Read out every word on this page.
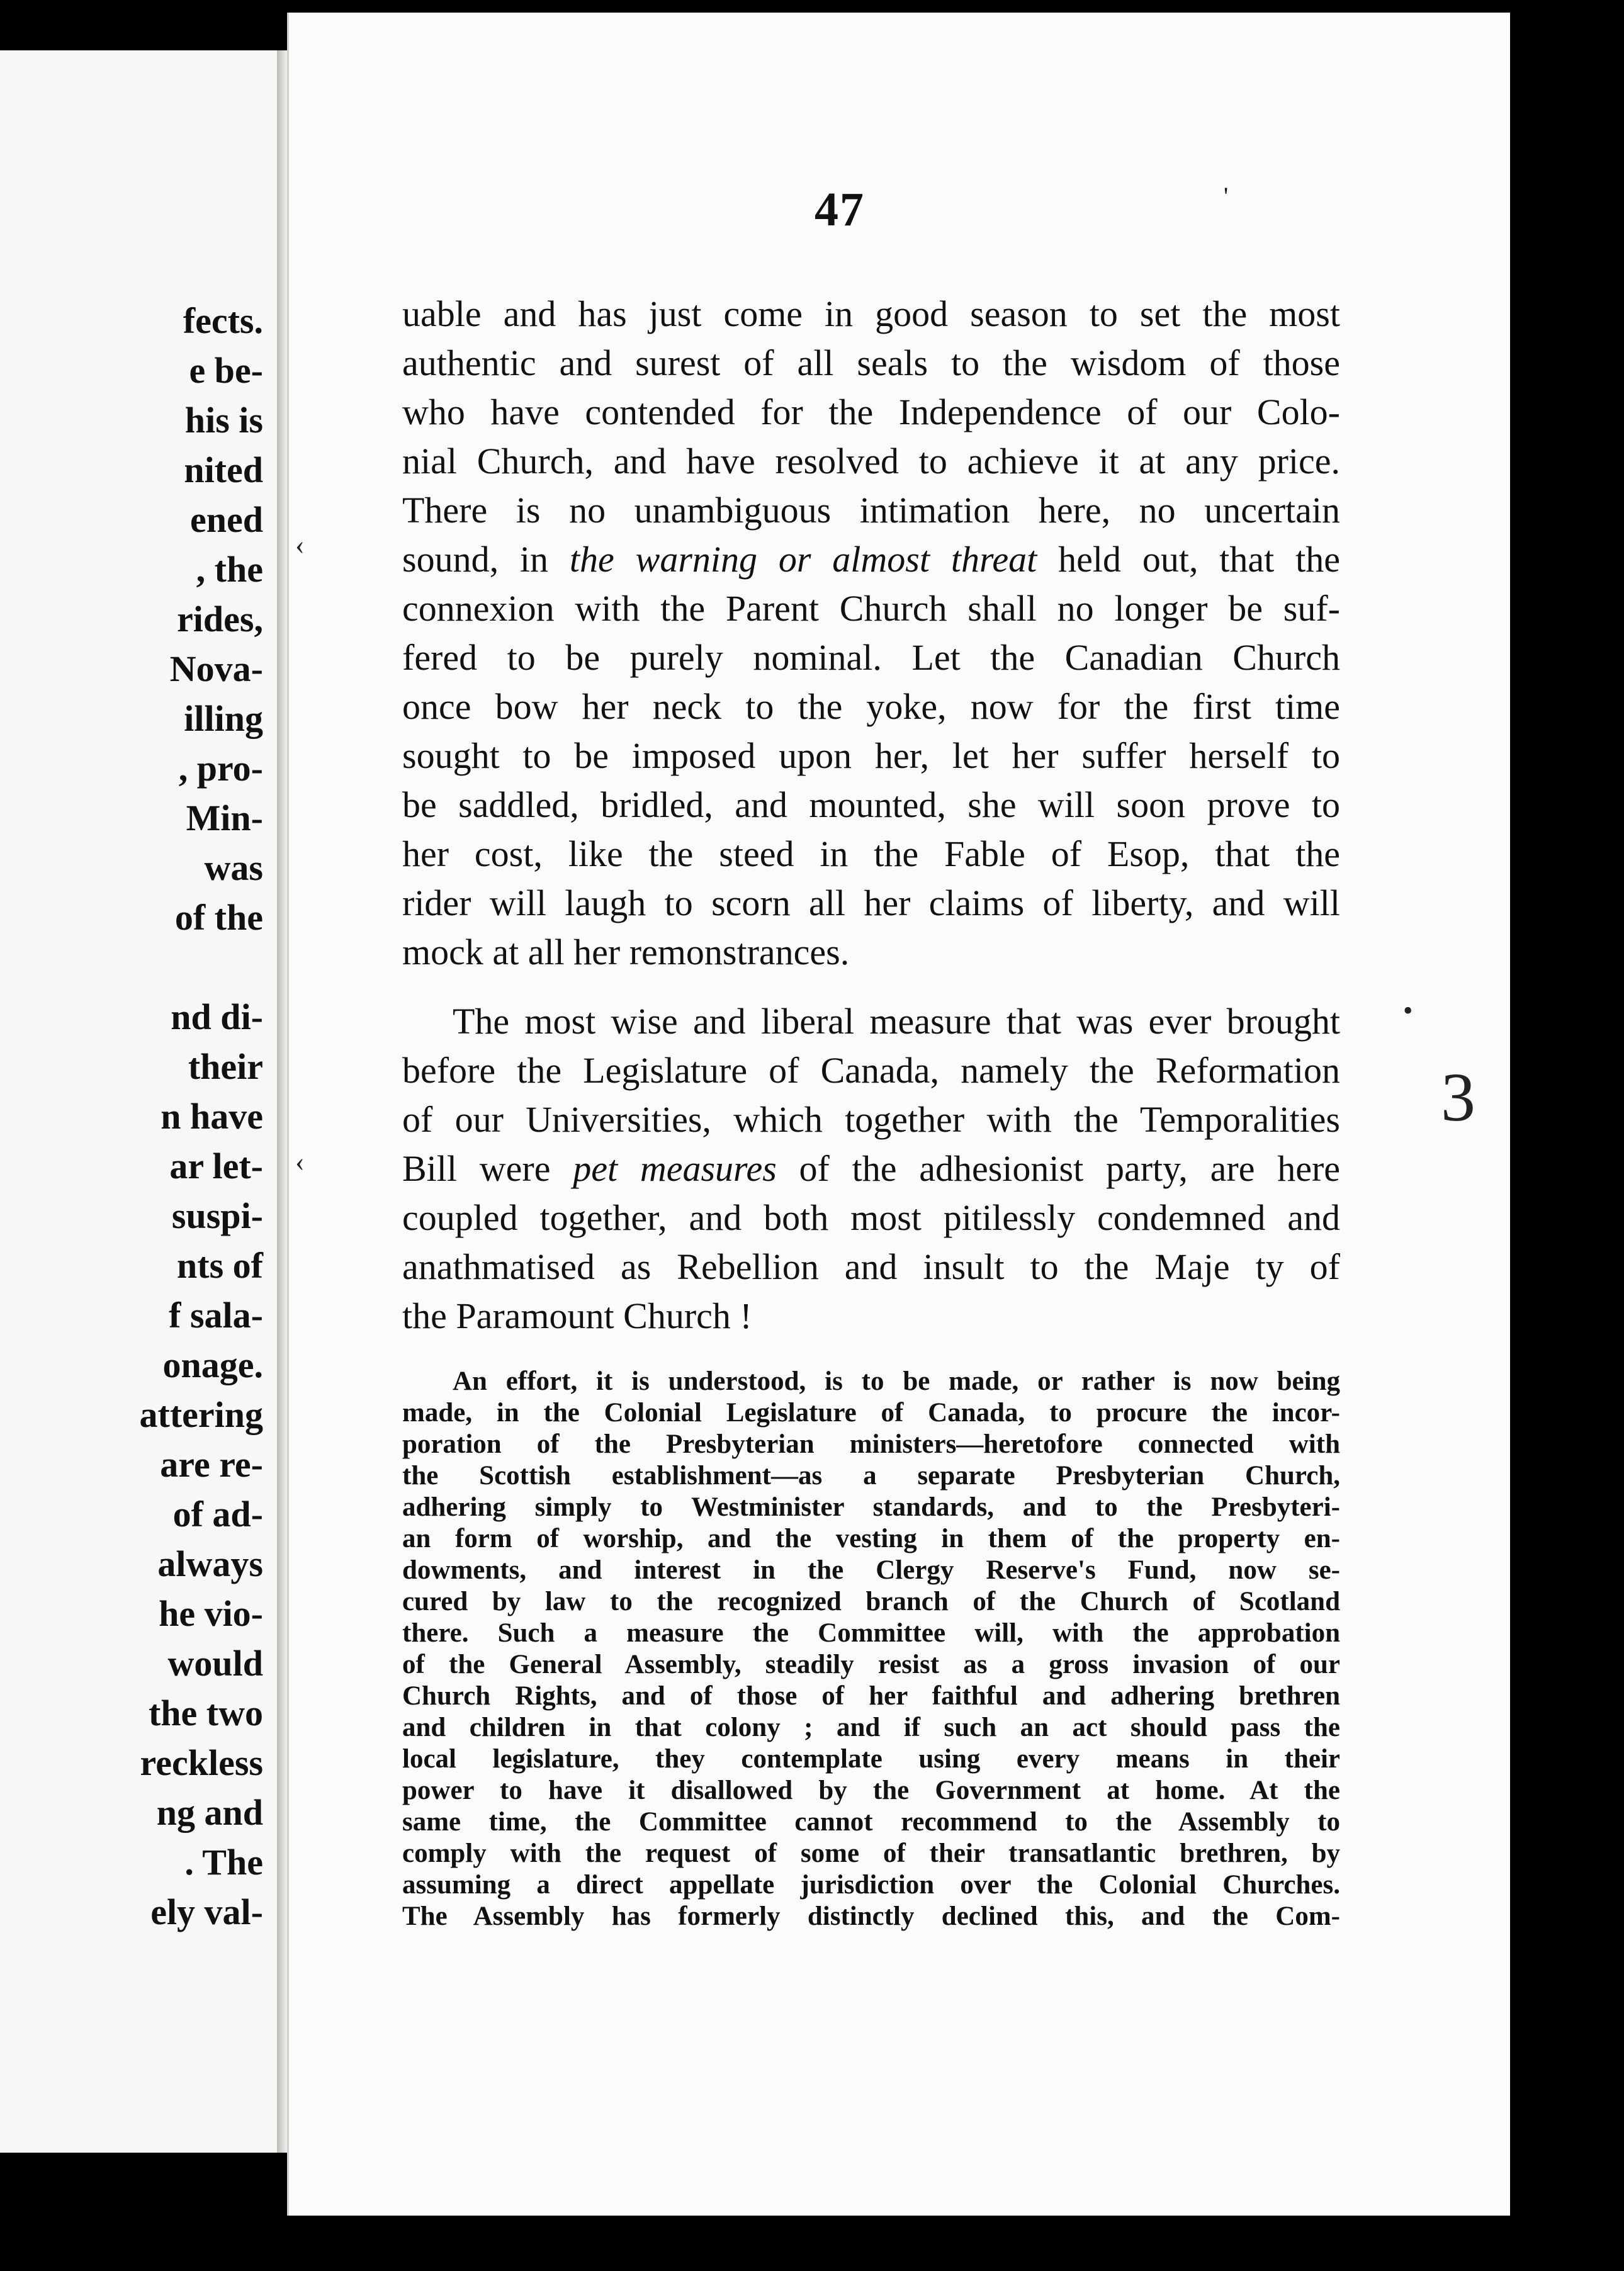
fects.
e be-
his is
nited
ened
, the
rides,
Nova-
illing
, pro-
Min-
was
of the

nd di-
their
n have
ar let-
suspi-
nts of
f sala-
onage.
attering
are re-
of ad-
always
he vio-
would
the two
reckless
ng and
. The
ely val-
47	'
uable and has just come in good season to set the most
authentic and surest of all seals to the wisdom of those
who have contended for the Independence of our Colo-
nial Church, and have resolved to achieve it at any price.
There is no unambiguous intimation here, no uncertain
sound, in the warning or almost threat held out, that the
connexion with the Parent Church shall no longer be suf-
fered to be purely nominal. Let the Canadian Church
once bow her neck to the yoke, now for the first time
sought to be imposed upon her, let her suffer herself to
be saddled, bridled, and mounted, she will soon prove to
her cost, like the steed in the Fable of Esop, that the
rider will laugh to scorn all her claims of liberty, and will
mock at all her remonstrances.
The most wise and liberal measure that was ever brought
before the Legislature of Canada, namely the Reformation
of our Universities, which together with the Temporalities
Bill were pet measures of the adhesionist party, are here
coupled together, and both most pitilessly condemned and
anathmatised as Rebellion and insult to the Maje ty of
the Paramount Church !
An effort, it is understood, is to be made, or rather is now being
made, in the Colonial Legislature of Canada, to procure the incor-
poration of the Presbyterian ministers—heretofore connected with
the Scottish establishment—as a separate Presbyterian Church,
adhering simply to Westminister standards, and to the Presbyteri-
an form of worship, and the vesting in them of the property en-
dowments, and interest in the Clergy Reserve's Fund, now se-
cured by law to the recognized branch of the Church of Scotland
there. Such a measure the Committee will, with the approbation
of the General Assembly, steadily resist as a gross invasion of our
Church Rights, and of those of her faithful and adhering brethren
and children in that colony ; and if such an act should pass the
local legislature, they contemplate using every means in their
power to have it disallowed by the Government at home. At the
same time, the Committee cannot recommend to the Assembly to
comply with the request of some of their transatlantic brethren, by
assuming a direct appellate jurisdiction over the Colonial Churches.
The Assembly has formerly distinctly declined this, and the Com-
‹
‹
•
3
